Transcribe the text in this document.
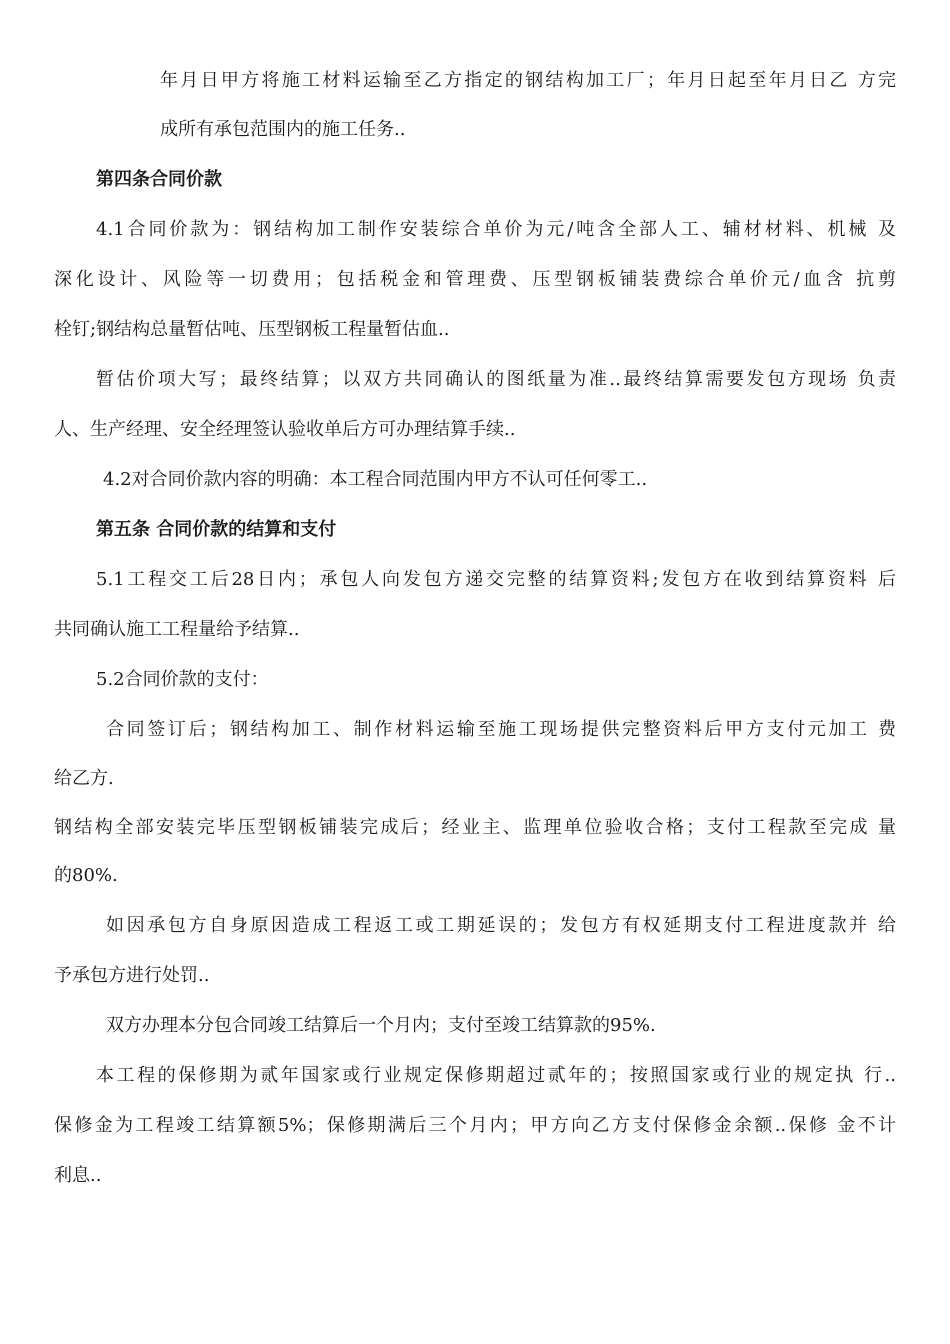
年月日甲方将施工材料运输至乙方指定的钢结构加工厂；年月日起至年月日乙 方完
成所有承包范围内的施工任务..
第四条合同价款
4.1合同价款为：钢结构加工制作安装综合单价为元/吨含全部人工、辅材材料、机械 及
深化设计、风险等一切费用；包括税金和管理费、压型钢板铺装费综合单价元/血含 抗剪
栓钉;钢结构总量暂估吨、压型钢板工程量暂估血..
暂估价项大写；最终结算；以双方共同确认的图纸量为准..最终结算需要发包方现场 负责
人、生产经理、安全经理签认验收单后方可办理结算手续..
4.2对合同价款内容的明确：本工程合同范围内甲方不认可任何零工..
第五条 合同价款的结算和支付
5.1工程交工后28日内；承包人向发包方递交完整的结算资料;发包方在收到结算资料 后
共同确认施工工程量给予结算..
5.2合同价款的支付：
合同签订后；钢结构加工、制作材料运输至施工现场提供完整资料后甲方支付元加工 费
给乙方.
钢结构全部安装完毕压型钢板铺装完成后；经业主、监理单位验收合格；支付工程款至完成 量
的80%.
如因承包方自身原因造成工程返工或工期延误的；发包方有权延期支付工程进度款并 给
予承包方进行处罚..
双方办理本分包合同竣工结算后一个月内；支付至竣工结算款的95%.
本工程的保修期为贰年国家或行业规定保修期超过贰年的；按照国家或行业的规定执 行..
保修金为工程竣工结算额5%；保修期满后三个月内；甲方向乙方支付保修金余额..保修 金不计
利息..
